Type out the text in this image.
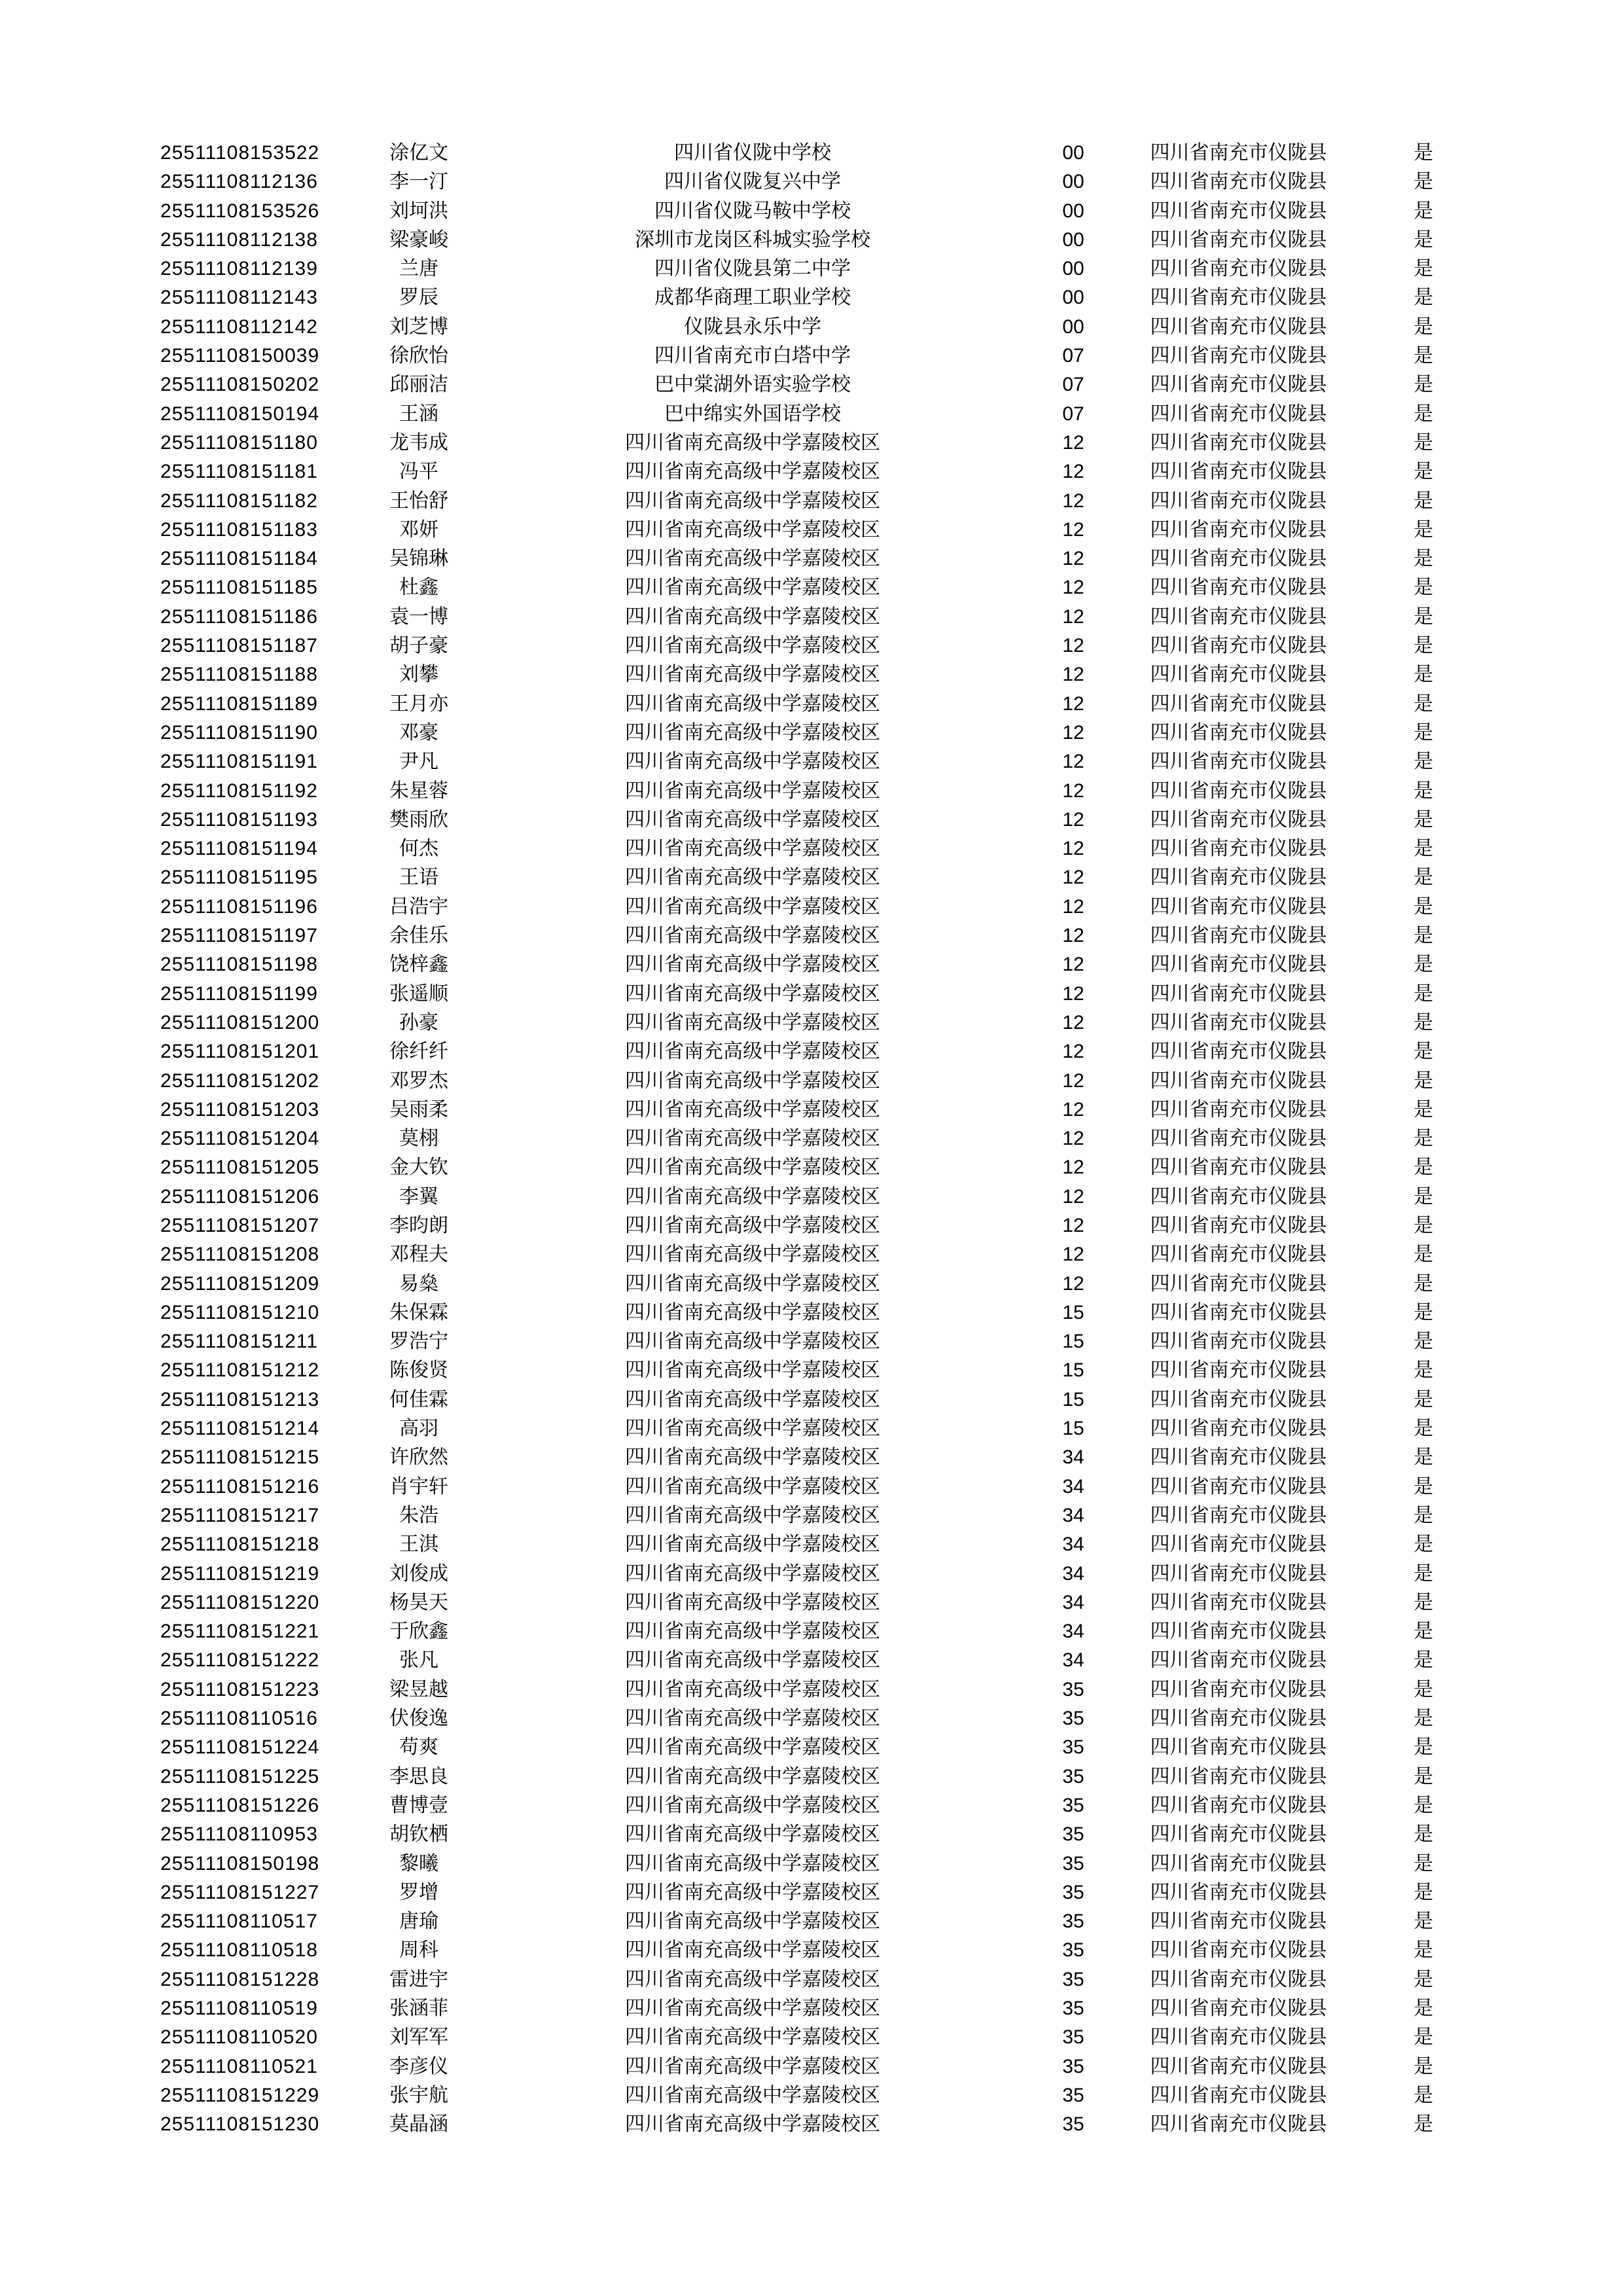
25511108153522	涂亿文	四川省仪陇中学校	00	四川省南充市仪陇县	是
25511108112136	李一汀	四川省仪陇复兴中学	00	四川省南充市仪陇县	是
25511108153526	刘坷洪	四川省仪陇马鞍中学校	00	四川省南充市仪陇县	是
25511108112138	梁豪峻	深圳市龙岗区科城实验学校	00	四川省南充市仪陇县	是
25511108112139	兰唐	四川省仪陇县第二中学	00	四川省南充市仪陇县	是
25511108112143	罗辰	成都华商理工职业学校	00	四川省南充市仪陇县	是
25511108112142	刘芝博	仪陇县永乐中学	00	四川省南充市仪陇县	是
25511108150039	徐欣怡	四川省南充市白塔中学	07	四川省南充市仪陇县	是
25511108150202	邱丽洁	巴中棠湖外语实验学校	07	四川省南充市仪陇县	是
25511108150194	王涵	巴中绵实外国语学校	07	四川省南充市仪陇县	是
25511108151180	龙韦成	四川省南充高级中学嘉陵校区	12	四川省南充市仪陇县	是
25511108151181	冯平	四川省南充高级中学嘉陵校区	12	四川省南充市仪陇县	是
25511108151182	王怡舒	四川省南充高级中学嘉陵校区	12	四川省南充市仪陇县	是
25511108151183	邓妍	四川省南充高级中学嘉陵校区	12	四川省南充市仪陇县	是
25511108151184	吴锦琳	四川省南充高级中学嘉陵校区	12	四川省南充市仪陇县	是
25511108151185	杜鑫	四川省南充高级中学嘉陵校区	12	四川省南充市仪陇县	是
25511108151186	袁一博	四川省南充高级中学嘉陵校区	12	四川省南充市仪陇县	是
25511108151187	胡子豪	四川省南充高级中学嘉陵校区	12	四川省南充市仪陇县	是
25511108151188	刘攀	四川省南充高级中学嘉陵校区	12	四川省南充市仪陇县	是
25511108151189	王月亦	四川省南充高级中学嘉陵校区	12	四川省南充市仪陇县	是
25511108151190	邓豪	四川省南充高级中学嘉陵校区	12	四川省南充市仪陇县	是
25511108151191	尹凡	四川省南充高级中学嘉陵校区	12	四川省南充市仪陇县	是
25511108151192	朱星蓉	四川省南充高级中学嘉陵校区	12	四川省南充市仪陇县	是
25511108151193	樊雨欣	四川省南充高级中学嘉陵校区	12	四川省南充市仪陇县	是
25511108151194	何杰	四川省南充高级中学嘉陵校区	12	四川省南充市仪陇县	是
25511108151195	王语	四川省南充高级中学嘉陵校区	12	四川省南充市仪陇县	是
25511108151196	吕浩宇	四川省南充高级中学嘉陵校区	12	四川省南充市仪陇县	是
25511108151197	余佳乐	四川省南充高级中学嘉陵校区	12	四川省南充市仪陇县	是
25511108151198	饶梓鑫	四川省南充高级中学嘉陵校区	12	四川省南充市仪陇县	是
25511108151199	张遥顺	四川省南充高级中学嘉陵校区	12	四川省南充市仪陇县	是
25511108151200	孙豪	四川省南充高级中学嘉陵校区	12	四川省南充市仪陇县	是
25511108151201	徐纤纤	四川省南充高级中学嘉陵校区	12	四川省南充市仪陇县	是
25511108151202	邓罗杰	四川省南充高级中学嘉陵校区	12	四川省南充市仪陇县	是
25511108151203	吴雨柔	四川省南充高级中学嘉陵校区	12	四川省南充市仪陇县	是
25511108151204	莫栩	四川省南充高级中学嘉陵校区	12	四川省南充市仪陇县	是
25511108151205	金大钦	四川省南充高级中学嘉陵校区	12	四川省南充市仪陇县	是
25511108151206	李翼	四川省南充高级中学嘉陵校区	12	四川省南充市仪陇县	是
25511108151207	李昀朗	四川省南充高级中学嘉陵校区	12	四川省南充市仪陇县	是
25511108151208	邓程夫	四川省南充高级中学嘉陵校区	12	四川省南充市仪陇县	是
25511108151209	易燊	四川省南充高级中学嘉陵校区	12	四川省南充市仪陇县	是
25511108151210	朱保霖	四川省南充高级中学嘉陵校区	15	四川省南充市仪陇县	是
25511108151211	罗浩宁	四川省南充高级中学嘉陵校区	15	四川省南充市仪陇县	是
25511108151212	陈俊贤	四川省南充高级中学嘉陵校区	15	四川省南充市仪陇县	是
25511108151213	何佳霖	四川省南充高级中学嘉陵校区	15	四川省南充市仪陇县	是
25511108151214	高羽	四川省南充高级中学嘉陵校区	15	四川省南充市仪陇县	是
25511108151215	许欣然	四川省南充高级中学嘉陵校区	34	四川省南充市仪陇县	是
25511108151216	肖宇轩	四川省南充高级中学嘉陵校区	34	四川省南充市仪陇县	是
25511108151217	朱浩	四川省南充高级中学嘉陵校区	34	四川省南充市仪陇县	是
25511108151218	王淇	四川省南充高级中学嘉陵校区	34	四川省南充市仪陇县	是
25511108151219	刘俊成	四川省南充高级中学嘉陵校区	34	四川省南充市仪陇县	是
25511108151220	杨昊天	四川省南充高级中学嘉陵校区	34	四川省南充市仪陇县	是
25511108151221	于欣鑫	四川省南充高级中学嘉陵校区	34	四川省南充市仪陇县	是
25511108151222	张凡	四川省南充高级中学嘉陵校区	34	四川省南充市仪陇县	是
25511108151223	梁昱越	四川省南充高级中学嘉陵校区	35	四川省南充市仪陇县	是
25511108110516	伏俊逸	四川省南充高级中学嘉陵校区	35	四川省南充市仪陇县	是
25511108151224	苟爽	四川省南充高级中学嘉陵校区	35	四川省南充市仪陇县	是
25511108151225	李思良	四川省南充高级中学嘉陵校区	35	四川省南充市仪陇县	是
25511108151226	曹博壹	四川省南充高级中学嘉陵校区	35	四川省南充市仪陇县	是
25511108110953	胡钦栖	四川省南充高级中学嘉陵校区	35	四川省南充市仪陇县	是
25511108150198	黎曦	四川省南充高级中学嘉陵校区	35	四川省南充市仪陇县	是
25511108151227	罗增	四川省南充高级中学嘉陵校区	35	四川省南充市仪陇县	是
25511108110517	唐瑜	四川省南充高级中学嘉陵校区	35	四川省南充市仪陇县	是
25511108110518	周科	四川省南充高级中学嘉陵校区	35	四川省南充市仪陇县	是
25511108151228	雷进宇	四川省南充高级中学嘉陵校区	35	四川省南充市仪陇县	是
25511108110519	张涵菲	四川省南充高级中学嘉陵校区	35	四川省南充市仪陇县	是
25511108110520	刘军军	四川省南充高级中学嘉陵校区	35	四川省南充市仪陇县	是
25511108110521	李彦仪	四川省南充高级中学嘉陵校区	35	四川省南充市仪陇县	是
25511108151229	张宇航	四川省南充高级中学嘉陵校区	35	四川省南充市仪陇县	是
25511108151230	莫晶涵	四川省南充高级中学嘉陵校区	35	四川省南充市仪陇县	是
